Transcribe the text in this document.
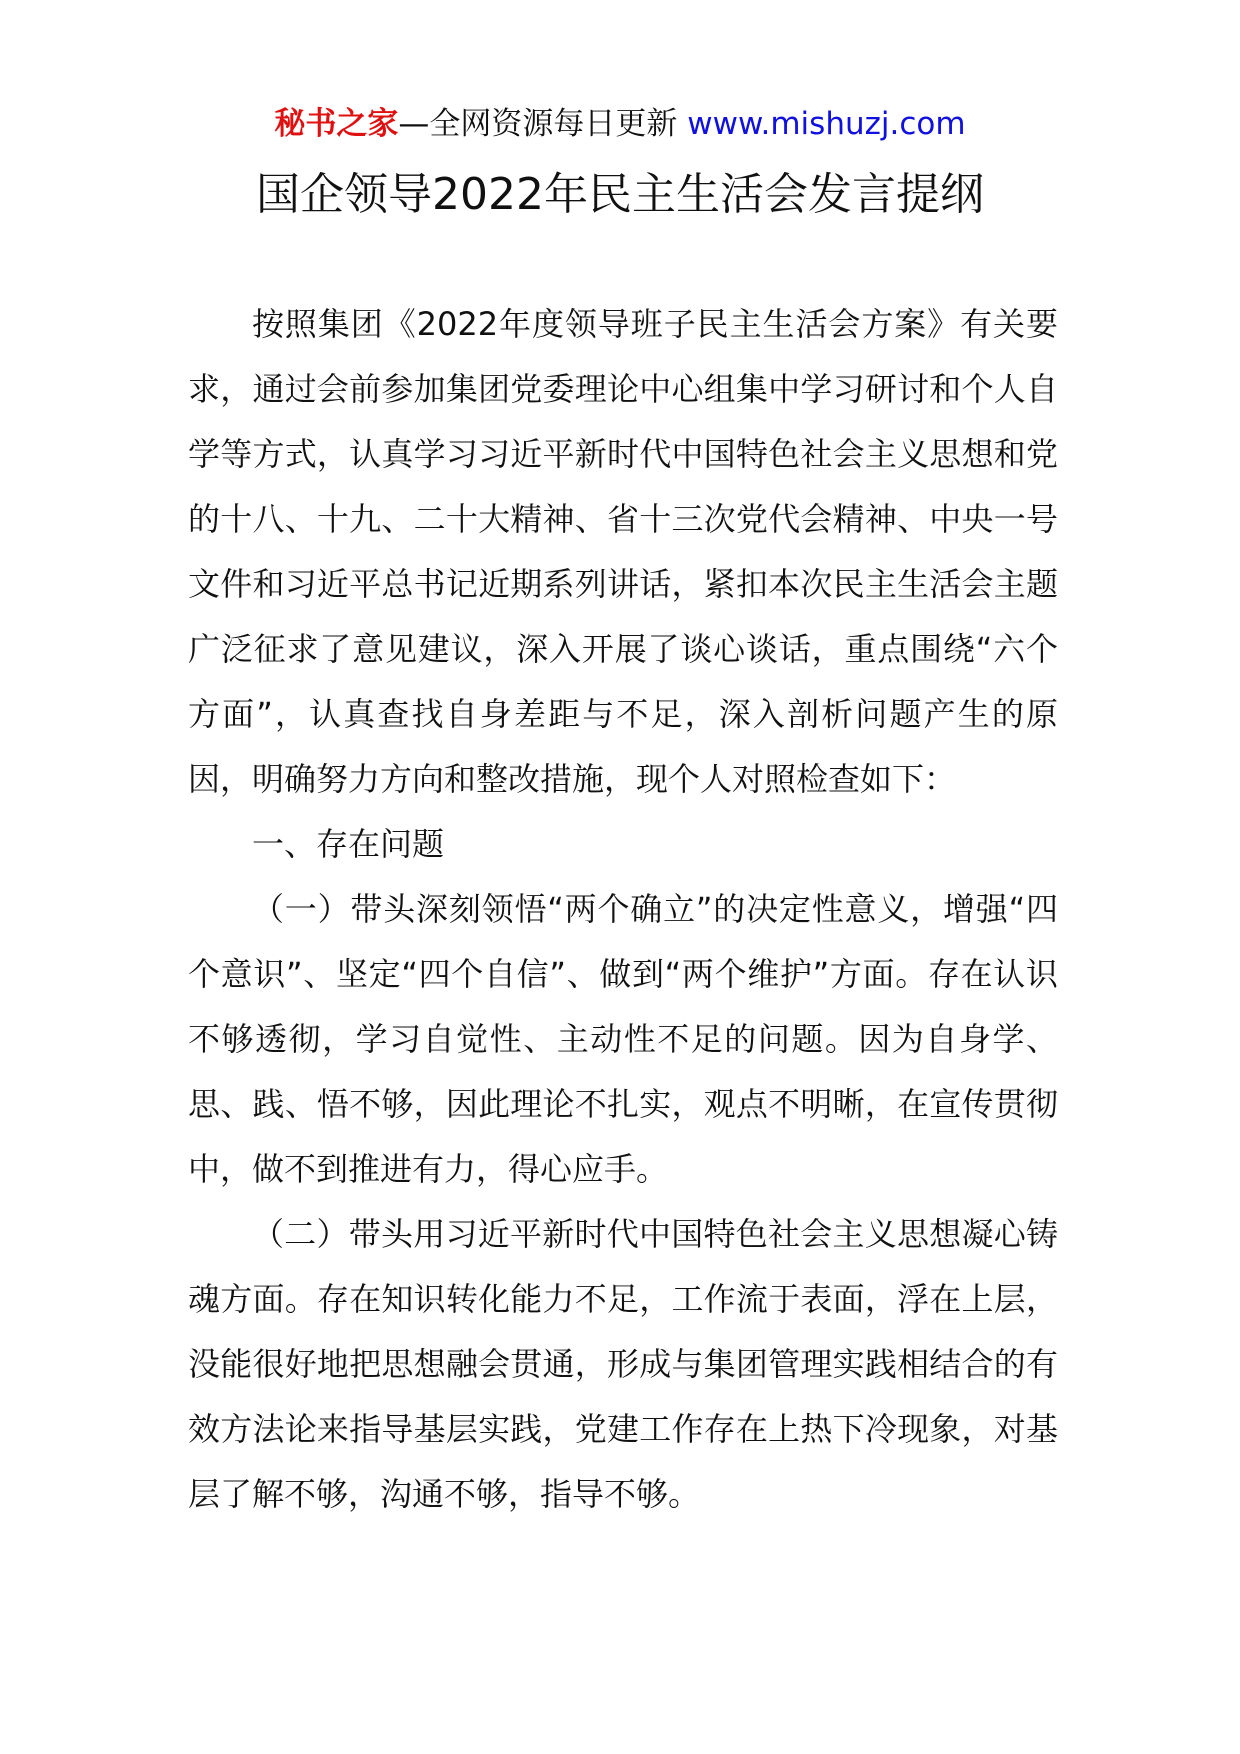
秘书之家—全网资源每日更新 www.mishuzj.com
国企领导2022年民主生活会发言提纲

按照集团《2022年度领导班子民主生活会方案》有关要求，通过会前参加集团党委理论中心组集中学习研讨和个人自学等方式，认真学习习近平新时代中国特色社会主义思想和党的十八、十九、二十大精神、省十三次党代会精神、中央一号文件和习近平总书记近期系列讲话，紧扣本次民主生活会主题广泛征求了意见建议，深入开展了谈心谈话，重点围绕“六个方面”，认真查找自身差距与不足，深入剖析问题产生的原因，明确努力方向和整改措施，现个人对照检查如下：

一、存在问题

（一）带头深刻领悟“两个确立”的决定性意义，增强“四个意识”、坚定“四个自信”、做到“两个维护”方面。存在认识不够透彻，学习自觉性、主动性不足的问题。因为自身学、思、践、悟不够，因此理论不扎实，观点不明晰，在宣传贯彻中，做不到推进有力，得心应手。

（二）带头用习近平新时代中国特色社会主义思想凝心铸魂方面。存在知识转化能力不足，工作流于表面，浮在上层，没能很好地把思想融会贯通，形成与集团管理实践相结合的有效方法论来指导基层实践，党建工作存在上热下冷现象，对基层了解不够，沟通不够，指导不够。
